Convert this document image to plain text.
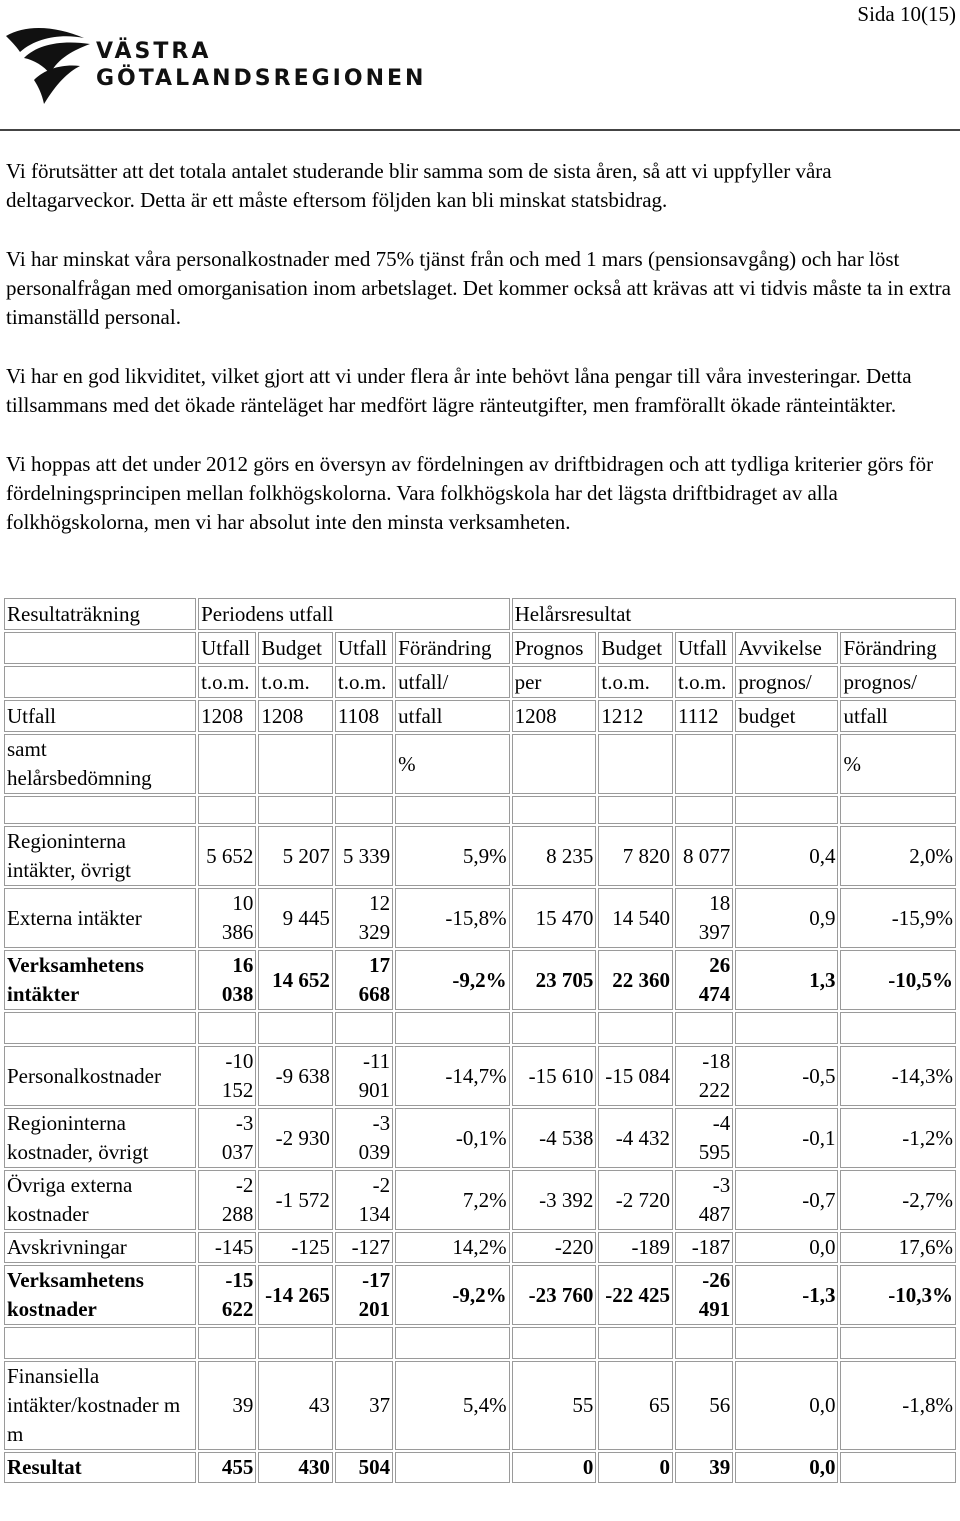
Sida 10(15)
VÄSTRA
GÖTALANDSREGIONEN

Vi förutsätter att det totala antalet studerande blir samma som de sista åren, så att vi uppfyller våra deltagarveckor. Detta är ett måste eftersom följden kan bli minskat statsbidrag.

Vi har minskat våra personalkostnader med 75% tjänst från och med 1 mars (pensionsavgång) och har löst personalfrågan med omorganisation inom arbetslaget. Det kommer också att krävas att vi tidvis måste ta in extra timanställd personal.

Vi har en god likviditet, vilket gjort att vi under flera år inte behövt låna pengar till våra investeringar. Detta tillsammans med det ökade ränteläget har medfört lägre ränteutgifter, men framförallt ökade ränteintäkter.

Vi hoppas att det under 2012 görs en översyn av fördelningen av driftbidragen och att tydliga kriterier görs för fördelningsprincipen mellan folkhögskolorna. Vara folkhögskola har det lägsta driftbidraget av alla folkhögskolorna, men vi har absolut inte den minsta verksamheten.

Resultaträkning	Periodens utfall				Helårsresultat				
	Utfall	Budget	Utfall	Förändring	Prognos	Budget	Utfall	Avvikelse	Förändring
	t.o.m.	t.o.m.	t.o.m.	utfall/	per	t.o.m.	t.o.m.	prognos/	prognos/
Utfall	1208	1208	1108	utfall	1208	1212	1112	budget	utfall
samt helårsbedömning				%					%

Regioninterna intäkter, övrigt	5 652	5 207	5 339	5,9%	8 235	7 820	8 077	0,4	2,0%
Externa intäkter	10 386	9 445	12 329	-15,8%	15 470	14 540	18 397	0,9	-15,9%
Verksamhetens intäkter	16 038	14 652	17 668	-9,2%	23 705	22 360	26 474	1,3	-10,5%

Personalkostnader	-10 152	-9 638	-11 901	-14,7%	-15 610	-15 084	-18 222	-0,5	-14,3%
Regioninterna kostnader, övrigt	-3 037	-2 930	-3 039	-0,1%	-4 538	-4 432	-4 595	-0,1	-1,2%
Övriga externa kostnader	-2 288	-1 572	-2 134	7,2%	-3 392	-2 720	-3 487	-0,7	-2,7%
Avskrivningar	-145	-125	-127	14,2%	-220	-189	-187	0,0	17,6%
Verksamhetens kostnader	-15 622	-14 265	-17 201	-9,2%	-23 760	-22 425	-26 491	-1,3	-10,3%

Finansiella intäkter/kostnader m m	39	43	37	5,4%	55	65	56	0,0	-1,8%
Resultat	455	430	504		0	0	39	0,0	
